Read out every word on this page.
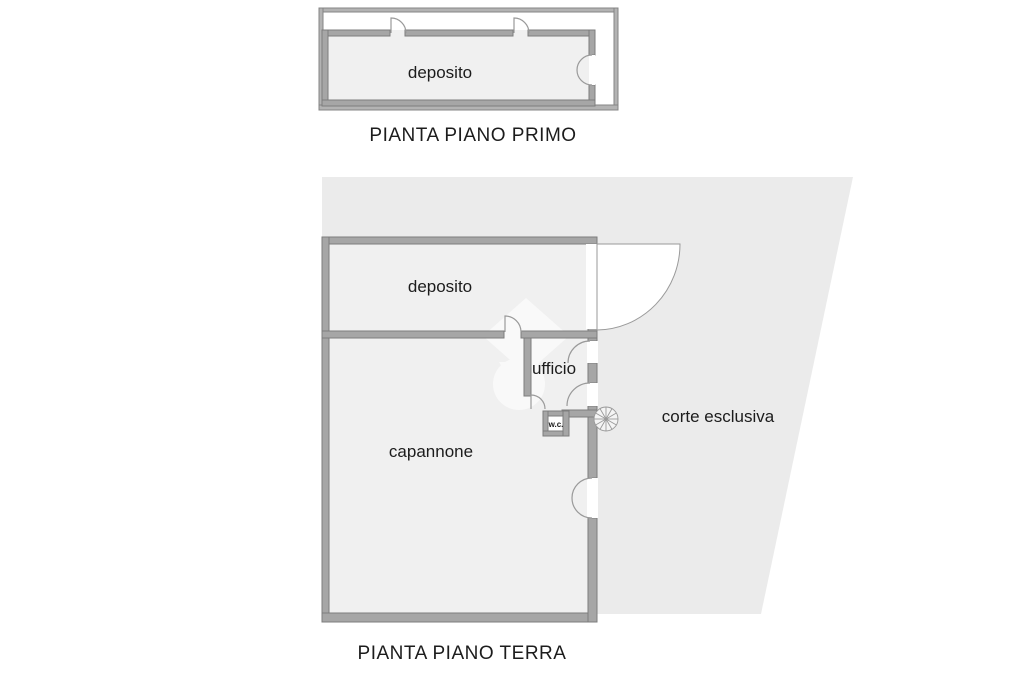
deposito
PIANTA PIANO PRIMO
deposito
ufficio
w.c.
capannone
corte esclusiva
PIANTA PIANO TERRA
